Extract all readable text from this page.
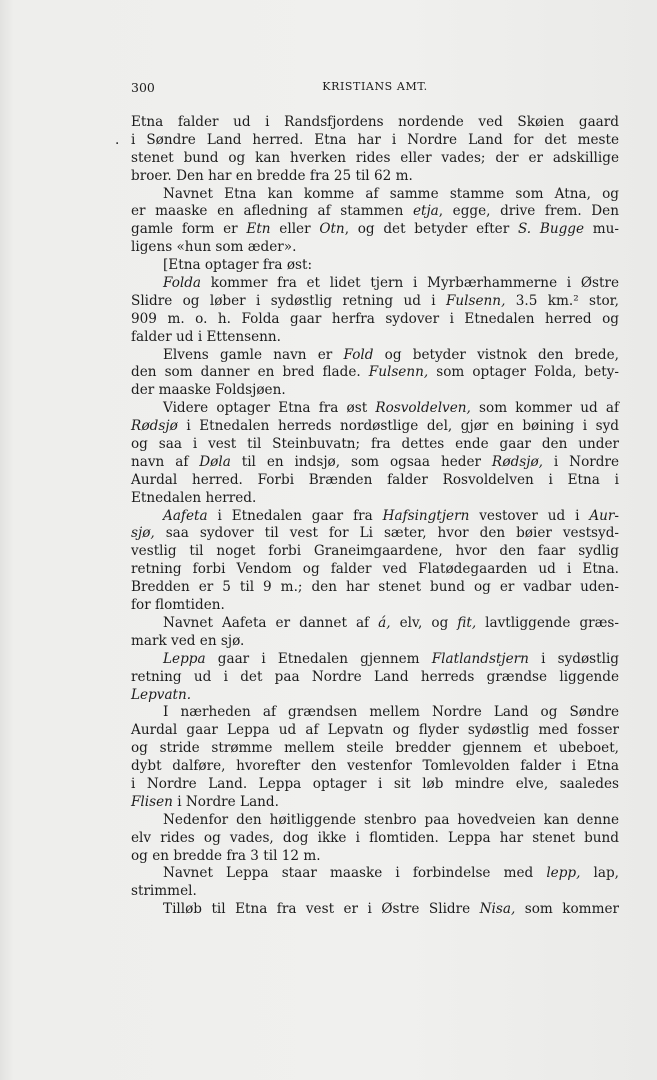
300	KRISTIANS AMT.
Etna falder ud i Randsfjordens nordende ved Skøien gaard
. i Søndre Land herred. Etna har i Nordre Land for det meste
stenet bund og kan hverken rides eller vades; der er adskillige
broer. Den har en bredde fra 25 til 62 m.
Navnet Etna kan komme af samme stamme som Atna, og
er maaske en afledning af stammen etja, egge, drive frem. Den
gamle form er Etn eller Otn, og det betyder efter S. Bugge mu-
ligens «hun som æder».
[Etna optager fra øst:
Folda kommer fra et lidet tjern i Myrbærhammerne i Østre
Slidre og løber i sydøstlig retning ud i Fulsenn, 3.5 km.² stor,
909 m. o. h. Folda gaar herfra sydover i Etnedalen herred og
falder ud i Ettensenn.
Elvens gamle navn er Fold og betyder vistnok den brede,
den som danner en bred flade. Fulsenn, som optager Folda, bety-
der maaske Foldsjøen.
Videre optager Etna fra øst Rosvoldelven, som kommer ud af
Rødsjø i Etnedalen herreds nordøstlige del, gjør en bøining i syd
og saa i vest til Steinbuvatn; fra dettes ende gaar den under
navn af Døla til en indsjø, som ogsaa heder Rødsjø, i Nordre
Aurdal herred. Forbi Brænden falder Rosvoldelven i Etna i
Etnedalen herred.
Aafeta i Etnedalen gaar fra Hafsingtjern vestover ud i Aur-
sjø, saa sydover til vest for Li sæter, hvor den bøier vestsyd-
vestlig til noget forbi Graneimgaardene, hvor den faar sydlig
retning forbi Vendom og falder ved Flatødegaarden ud i Etna.
Bredden er 5 til 9 m.; den har stenet bund og er vadbar uden-
for flomtiden.
Navnet Aafeta er dannet af á, elv, og fit, lavtliggende græs-
mark ved en sjø.
Leppa gaar i Etnedalen gjennem Flatlandstjern i sydøstlig
retning ud i det paa Nordre Land herreds grændse liggende
Lepvatn.
I nærheden af grændsen mellem Nordre Land og Søndre
Aurdal gaar Leppa ud af Lepvatn og flyder sydøstlig med fosser
og stride strømme mellem steile bredder gjennem et ubeboet,
dybt dalføre, hvorefter den vestenfor Tomlevolden falder i Etna
i Nordre Land. Leppa optager i sit løb mindre elve, saaledes
Flisen i Nordre Land.
Nedenfor den høitliggende stenbro paa hovedveien kan denne
elv rides og vades, dog ikke i flomtiden. Leppa har stenet bund
og en bredde fra 3 til 12 m.
Navnet Leppa staar maaske i forbindelse med lepp, lap,
strimmel.
Tilløb til Etna fra vest er i Østre Slidre Nisa, som kommer
